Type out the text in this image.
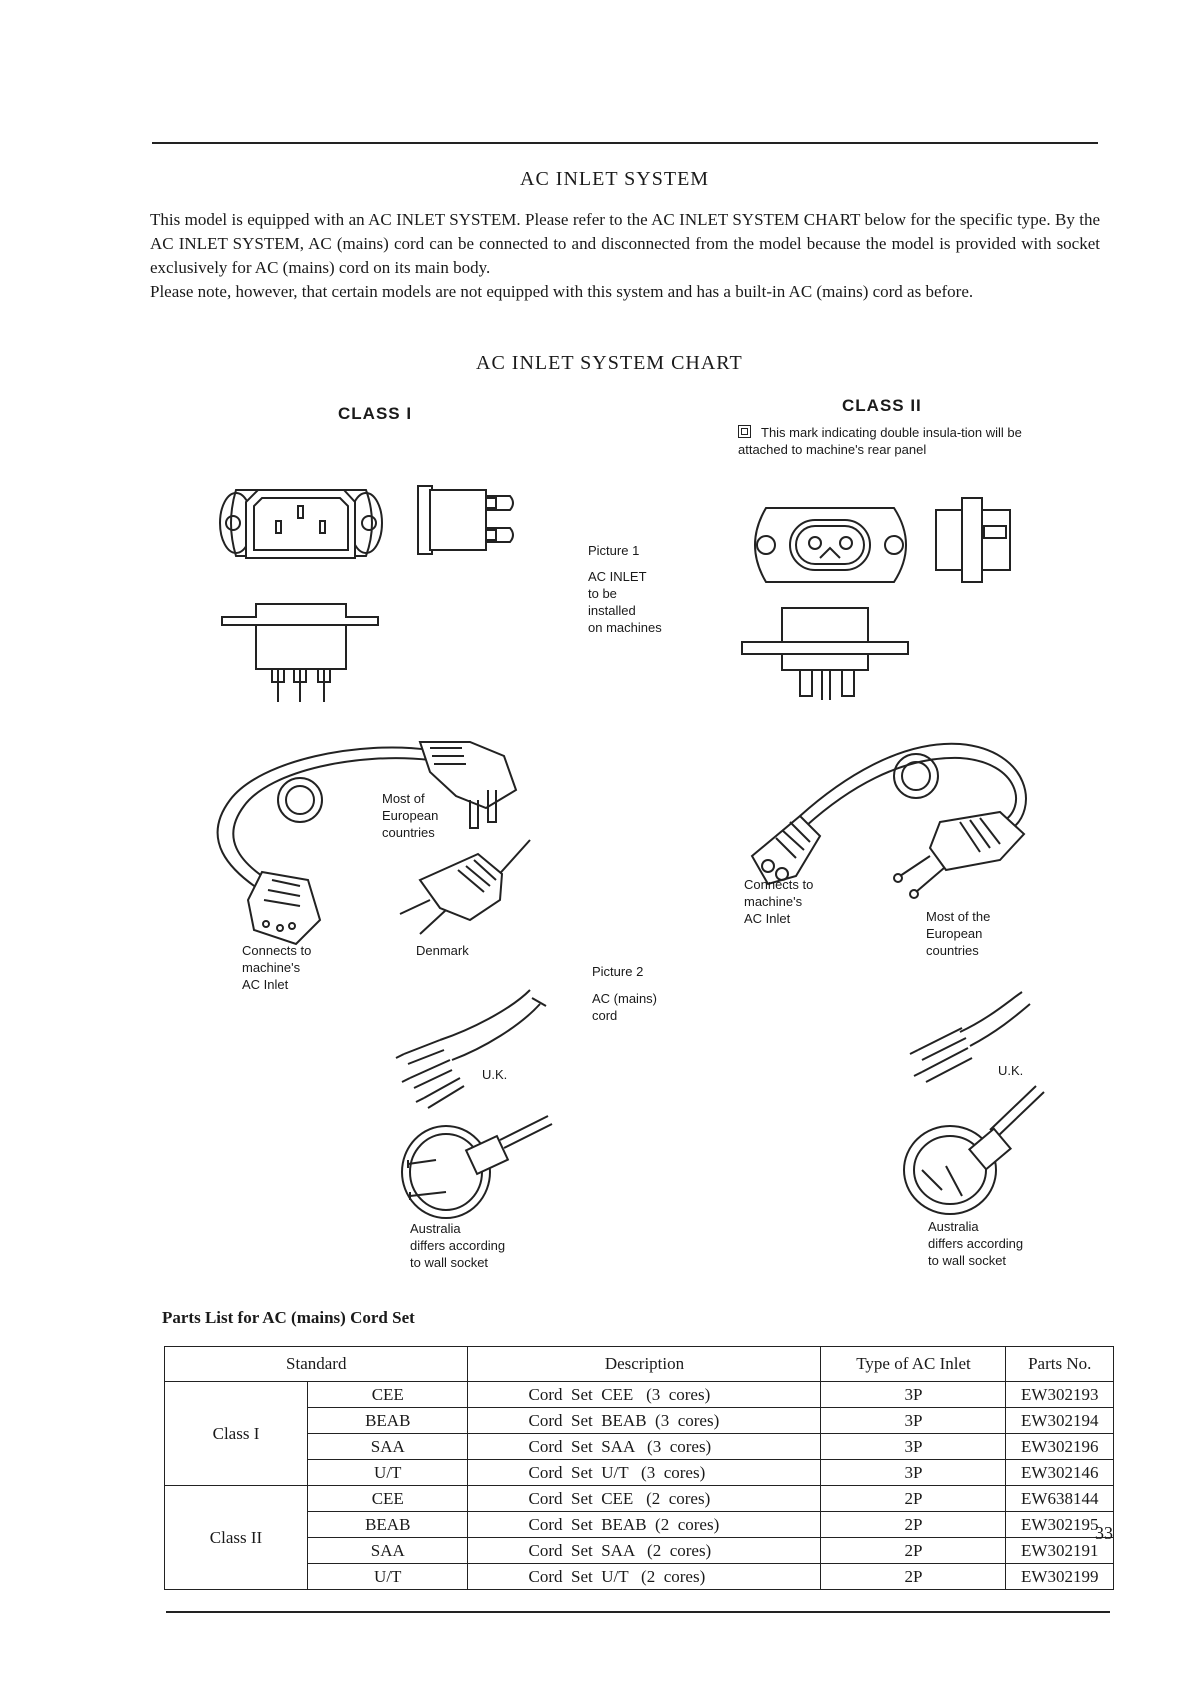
AC INLET SYSTEM

This model is equipped with an AC INLET SYSTEM. Please refer to the AC INLET SYSTEM CHART below for the specific type. By the AC INLET SYSTEM, AC (mains) cord can be connected to and disconnected from the model because the model is provided with socket exclusively for AC (mains) cord on its main body.

Please note, however, that certain models are not equipped with this system and has a built-in AC (mains) cord as before.

AC INLET SYSTEM CHART
CLASS I	CLASS II
This mark indicating double insula-tion will be attached to machine's rear panel
Picture 1
AC INLET
to be
installed
on machines
Picture 2
AC (mains)
cord
Most of
European
countries
Connects to
machine's
AC Inlet
Denmark
U.K.
Australia
differs according
to wall socket
Connects to
machine's
AC Inlet	Most of the
European
countries
U.K.
Australia
differs according
to wall socket
Parts List for AC (mains) Cord Set
Standard		Description	Type of AC Inlet	Parts No.
Class I	CEE	Cord  Set  CEE   (3  cores)	3P	EW302193
	BEAB	Cord  Set  BEAB  (3  cores)	3P	EW302194
	SAA	Cord  Set  SAA   (3  cores)	3P	EW302196
	U/T	Cord  Set  U/T   (3  cores)	3P	EW302146
Class II	CEE	Cord  Set  CEE   (2  cores)	2P	EW638144
	BEAB	Cord  Set  BEAB  (2  cores)	2P	EW302195
	SAA	Cord  Set  SAA   (2  cores)	2P	EW302191
	U/T	Cord  Set  U/T   (2  cores)	2P	EW302199
33
